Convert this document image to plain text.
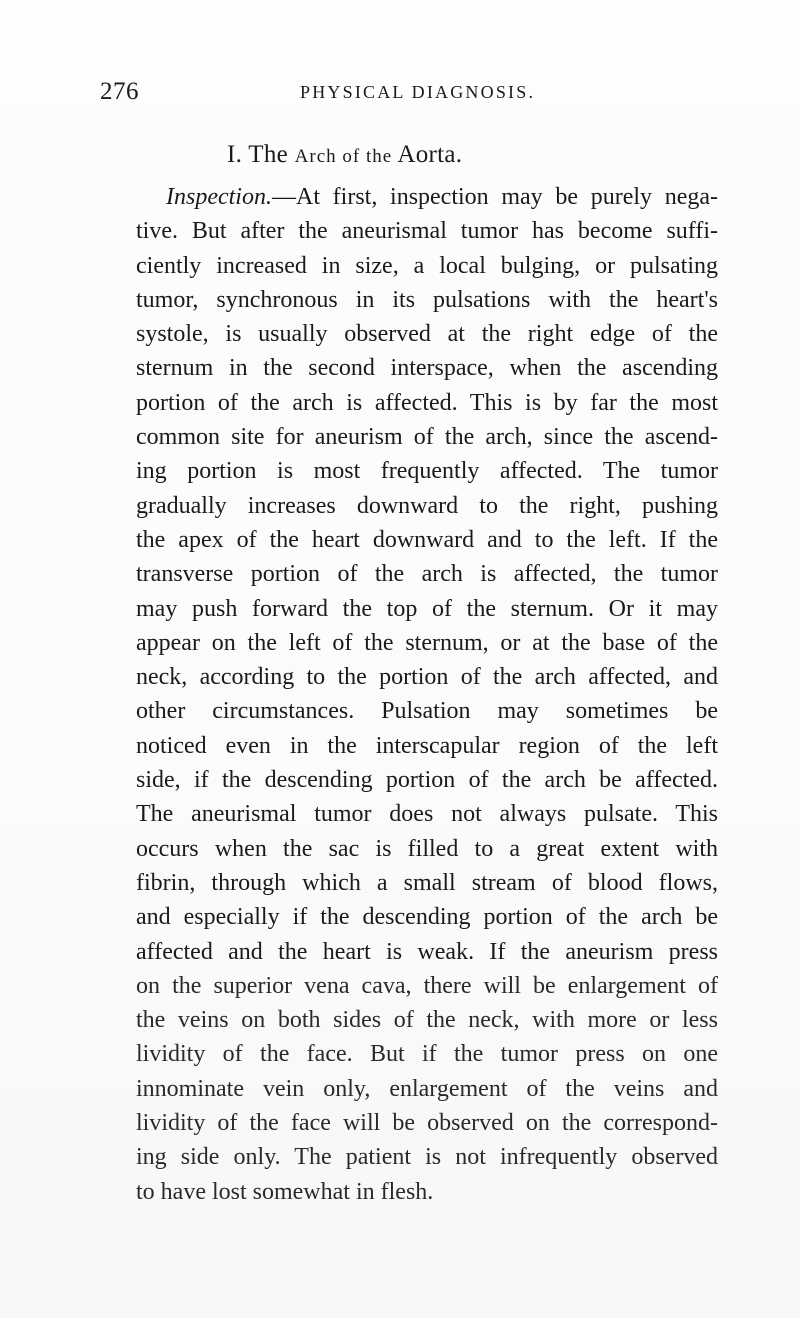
276	PHYSICAL DIAGNOSIS.
I. The Arch of the Aorta.
Inspection.—At first, inspection may be purely nega-
tive. But after the aneurismal tumor has become suffi-
ciently increased in size, a local bulging, or pulsating
tumor, synchronous in its pulsations with the heart's
systole, is usually observed at the right edge of the
sternum in the second interspace, when the ascending
portion of the arch is affected. This is by far the most
common site for aneurism of the arch, since the ascend-
ing portion is most frequently affected. The tumor
gradually increases downward to the right, pushing
the apex of the heart downward and to the left. If the
transverse portion of the arch is affected, the tumor
may push forward the top of the sternum. Or it may
appear on the left of the sternum, or at the base of the
neck, according to the portion of the arch affected, and
other circumstances. Pulsation may sometimes be
noticed even in the interscapular region of the left
side, if the descending portion of the arch be affected.
The aneurismal tumor does not always pulsate. This
occurs when the sac is filled to a great extent with
fibrin, through which a small stream of blood flows,
and especially if the descending portion of the arch be
affected and the heart is weak. If the aneurism press
on the superior vena cava, there will be enlargement of
the veins on both sides of the neck, with more or less
lividity of the face. But if the tumor press on one
innominate vein only, enlargement of the veins and
lividity of the face will be observed on the correspond-
ing side only. The patient is not infrequently observed
to have lost somewhat in flesh.
